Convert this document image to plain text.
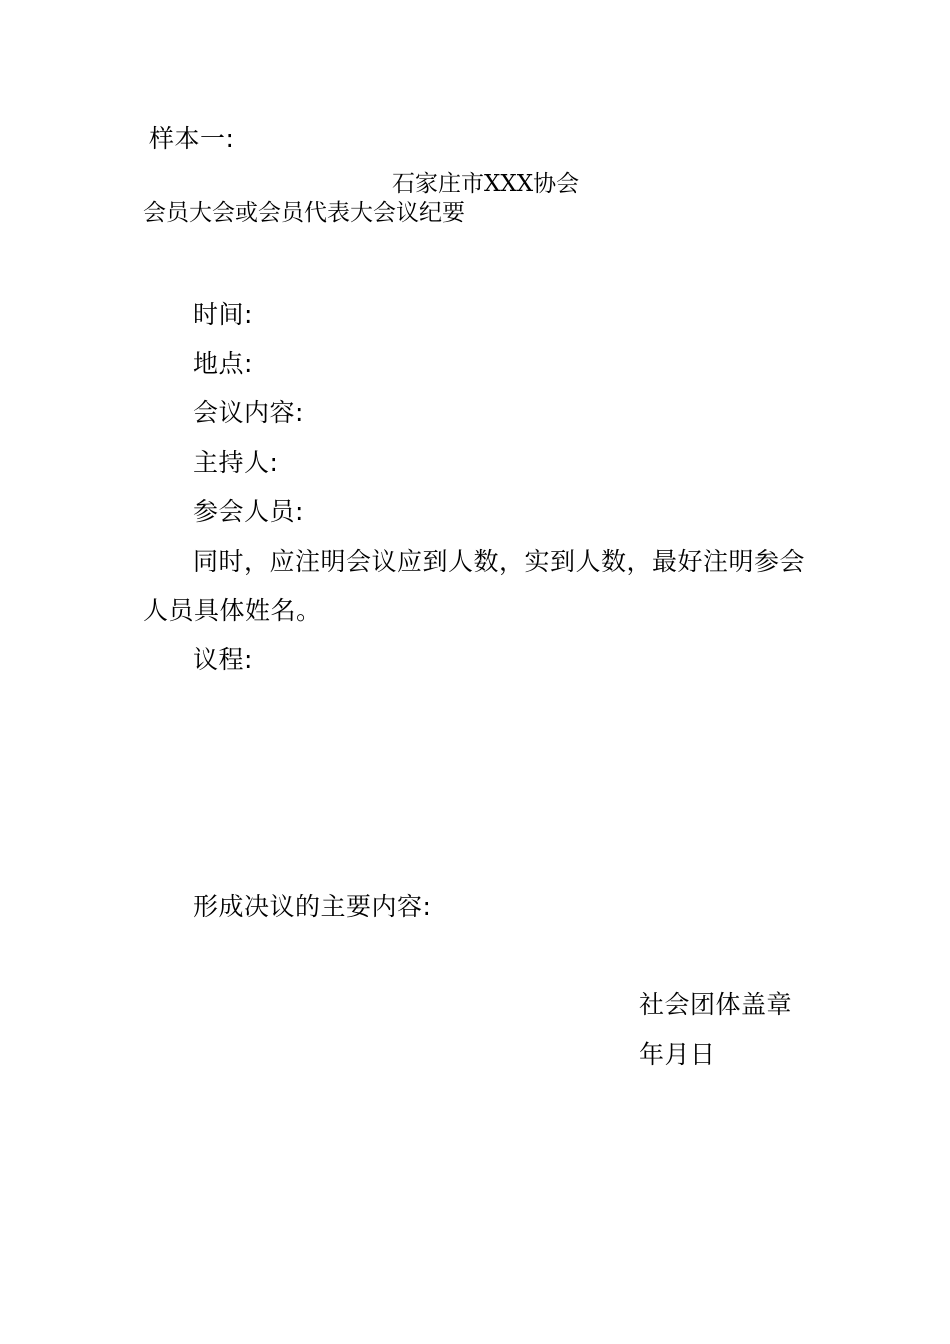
样本一:
石家庄市XXX协会
会员大会或会员代表大会议纪要
时间:
地点:
会议内容:
主持人:
参会人员:
同时，应注明会议应到人数，实到人数，最好注明参会
人员具体姓名。
议程:
形成决议的主要内容:
社会团体盖章
年月日
